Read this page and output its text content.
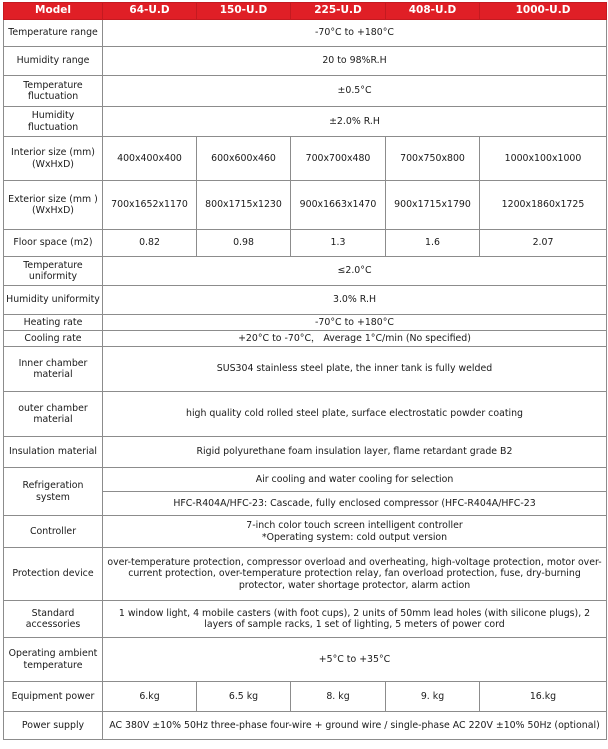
Model	64-U.D	150-U.D	225-U.D	408-U.D	1000-U.D
Temperature range	-70°C to +180°C				
Humidity range	20 to 98%R.H				
Temperature fluctuation	±0.5°C				
Humidity fluctuation	±2.0% R.H				
Interior size (mm) (WxHxD)	400x400x400	600x600x460	700x700x480	700x750x800	1000x100x1000
Exterior size (mm ) (WxHxD)	700x1652x1170	800x1715x1230	900x1663x1470	900x1715x1790	1200x1860x1725
Floor space (m2)	0.82	0.98	1.3	1.6	2.07
Temperature uniformity	≤2.0°C				
Humidity uniformity	3.0% R.H				
Heating rate	-70°C to +180°C				
Cooling rate	+20°C to -70°C， Average 1°C/min (No specified)				
Inner chamber material	SUS304 stainless steel plate, the inner tank is fully welded				
outer chamber material	high quality cold rolled steel plate, surface electrostatic powder coating				
Insulation material	Rigid polyurethane foam insulation layer, flame retardant grade B2				
Refrigeration system	Air cooling and water cooling for selection				
	HFC-R404A/HFC-23: Cascade, fully enclosed compressor (HFC-R404A/HFC-23				
Controller	7-inch color touch screen intelligent controller
*Operating system: cold output version				

Protection device	over-temperature protection, compressor overload and overheating, high-voltage protection, motor over-current protection, over-temperature protection relay, fan overload protection, fuse, dry-burning protector, water shortage protector, alarm action				
Standard accessories	1 window light, 4 mobile casters (with foot cups), 2 units of 50mm lead holes (with silicone plugs), 2 layers of sample racks, 1 set of lighting, 5 meters of power cord				
Operating ambient temperature	+5°C to +35°C				
Equipment power	6.kg	6.5 kg	8. kg	9. kg	16.kg
Power supply	AC 380V ±10% 50Hz three-phase four-wire + ground wire / single-phase AC 220V ±10% 50Hz (optional)				
